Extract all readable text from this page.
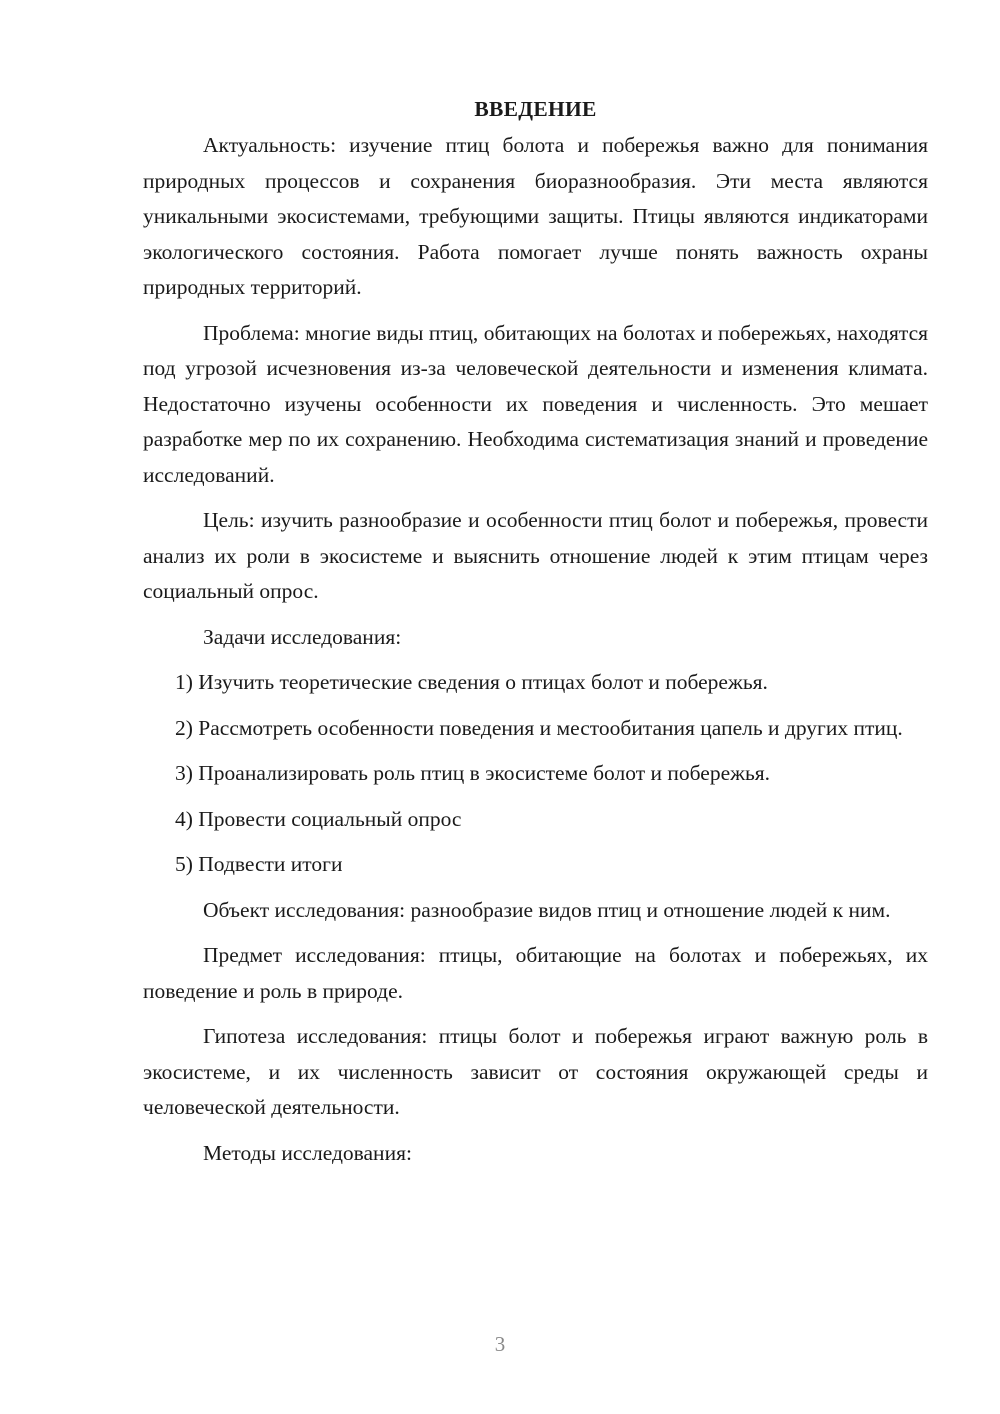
ВВЕДЕНИЕ
Актуальность: изучение птиц болота и побережья важно для понимания природных процессов и сохранения биоразнообразия. Эти места являются уникальными экосистемами, требующими защиты. Птицы являются индикаторами экологического состояния. Работа помогает лучше понять важность охраны природных территорий.
Проблема: многие виды птиц, обитающих на болотах и побережьях, находятся под угрозой исчезновения из-за человеческой деятельности и изменения климата. Недостаточно изучены особенности их поведения и численность. Это мешает разработке мер по их сохранению. Необходима систематизация знаний и проведение исследований.
Цель: изучить разнообразие и особенности птиц болот и побережья, провести анализ их роли в экосистеме и выяснить отношение людей к этим птицам через социальный опрос.
Задачи исследования:
1) Изучить теоретические сведения о птицах болот и побережья.
2) Рассмотреть особенности поведения и местообитания цапель и других птиц.
3) Проанализировать роль птиц в экосистеме болот и побережья.
4) Провести социальный опрос
5) Подвести итоги
Объект исследования: разнообразие видов птиц и отношение людей к ним.
Предмет исследования: птицы, обитающие на болотах и побережьях, их поведение и роль в природе.
Гипотеза исследования: птицы болот и побережья играют важную роль в экосистеме, и их численность зависит от состояния окружающей среды и человеческой деятельности.
Методы исследования:
3
